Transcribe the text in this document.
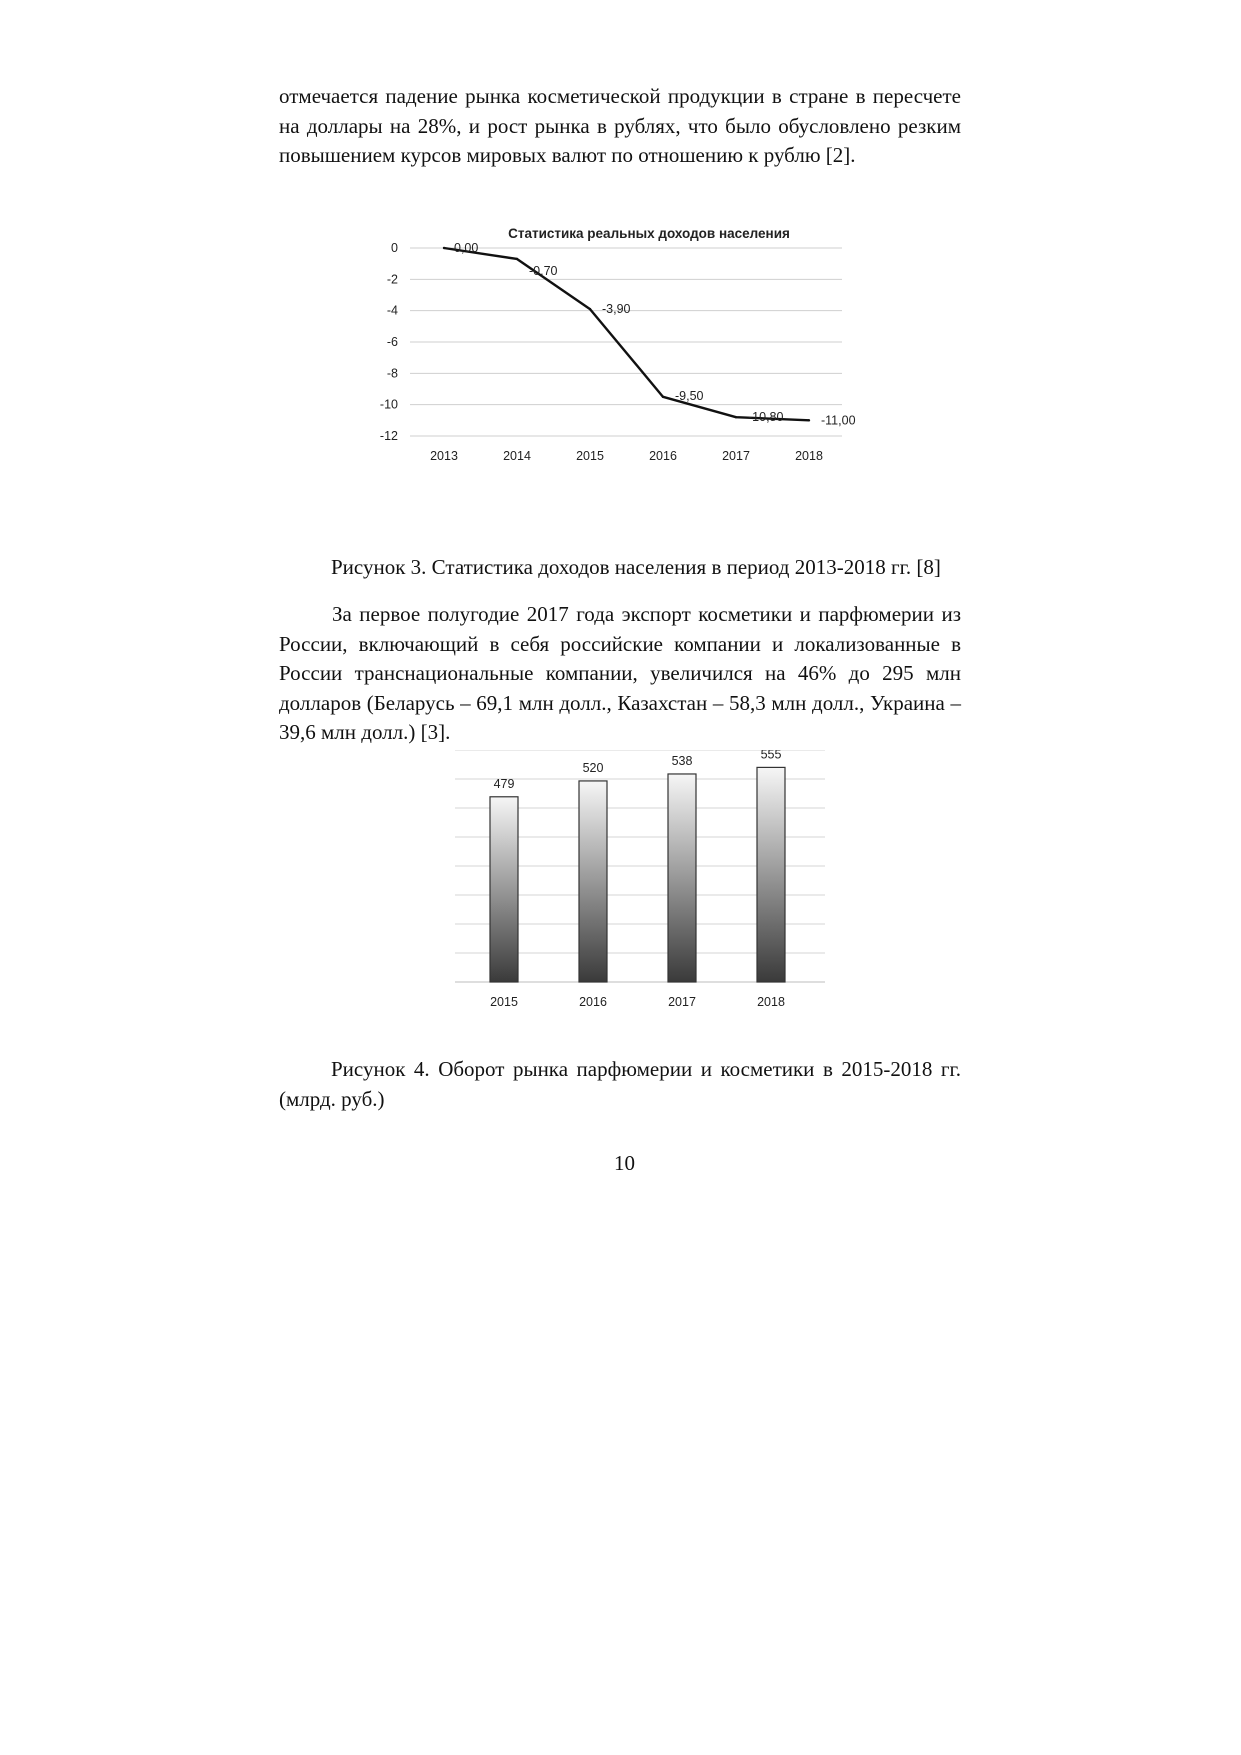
отмечается падение рынка косметической продукции в стране в пересчете на доллары на 28%, и рост рынка в рублях, что было обусловлено резким повышением курсов мировых валют по отношению к рублю [2].

Статистика реальных доходов населения
0
-2
-4
-6
-8
-10
-12
2013	2014	2015	2016	2017	2018
0,00
-0,70
-3,90
-9,50
-10,80	-11,00

Рисунок 3. Статистика доходов населения в период 2013-2018 гг. [8]

За первое полугодие 2017 года экспорт косметики и парфюмерии из России, включающий в себя российские компании и локализованные в России транснациональные компании, увеличился на 46% до 295 млн долларов (Беларусь – 69,1 млн долл., Казахстан – 58,3 млн долл., Украина – 39,6 млн долл.) [3].

479
520	538	555
2015	2016	2017	2018

Рисунок 4. Оборот рынка парфюмерии и косметики в 2015-2018 гг. (млрд. руб.)

10
